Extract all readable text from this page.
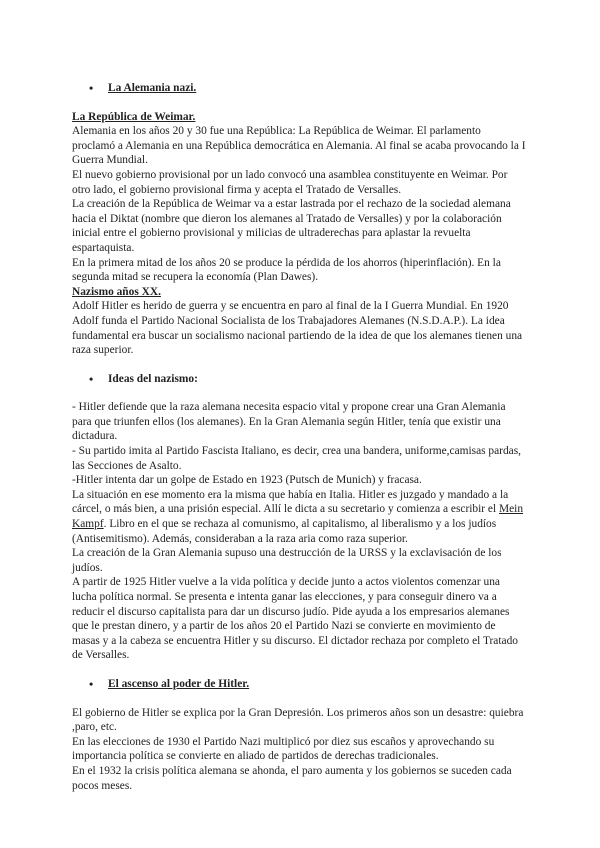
• La Alemania nazi.

La República de Weimar.

Alemania en los años 20 y 30 fue una República: La República de Weimar. El parlamento proclamó a Alemania en una República democrática en Alemania. Al final se acaba provocando la I Guerra Mundial.

El nuevo gobierno provisional por un lado convocó una asamblea constituyente en Weimar. Por otro lado, el gobierno provisional firma y acepta el Tratado de Versalles.

La creación de la República de Weimar va a estar lastrada por el rechazo de la sociedad alemana hacia el Diktat (nombre que dieron los alemanes al Tratado de Versalles) y por la colaboración inicial entre el gobierno provisional y milicias de ultraderechas para aplastar la revuelta espartaquista.

En la primera mitad de los años 20 se produce la pérdida de los ahorros (hiperinflación). En la segunda mitad se recupera la economía (Plan Dawes).

Nazismo años XX.

Adolf Hitler es herido de guerra y se encuentra en paro al final de la I Guerra Mundial. En 1920 Adolf funda el Partido Nacional Socialista de los Trabajadores Alemanes (N.S.D.A.P.). La idea fundamental era buscar un socialismo nacional partiendo de la idea de que los alemanes tienen una raza superior.

• Ideas del nazismo:

- Hitler defiende que la raza alemana necesita espacio vital y propone crear una Gran Alemania para que triunfen ellos (los alemanes). En la Gran Alemania según Hitler, tenía que existir una dictadura.

- Su partido imita al Partido Fascista Italiano, es decir, crea una bandera, uniforme,camisas pardas, las Secciones de Asalto.

-Hitler intenta dar un golpe de Estado en 1923 (Putsch de Munich) y fracasa.

La situación en ese momento era la misma que había en Italia. Hitler es juzgado y mandado a la cárcel, o más bien, a una prisión especial. Allí le dicta a su secretario y comienza a escribir el Mein Kampf. Libro en el que se rechaza al comunismo, al capitalismo, al liberalismo y a los judíos (Antisemitismo). Además, consideraban a la raza aria como raza superior.

La creación de la Gran Alemania supuso una destrucción de la URSS y la exclavisación de los judíos.

A partir de 1925 Hitler vuelve a la vida política y decide junto a actos violentos comenzar una lucha política normal. Se presenta e intenta ganar las elecciones, y para conseguir dinero va a reducir el discurso capitalista para dar un discurso judío. Pide ayuda a los empresarios alemanes que le prestan dinero, y a partir de los años 20 el Partido Nazi se convierte en movimiento de masas y a la cabeza se encuentra Hitler y su discurso. El dictador rechaza por completo el Tratado de Versalles.

• El ascenso al poder de Hitler.

El gobierno de Hitler se explica por la Gran Depresión. Los primeros años son un desastre: quiebra ,paro, etc.

En las elecciones de 1930 el Partido Nazi multiplicó por diez sus escaños y aprovechando su importancia política se convierte en aliado de partidos de derechas tradicionales.

En el 1932 la crisis política alemana se ahonda, el paro aumenta y los gobiernos se suceden cada pocos meses.
